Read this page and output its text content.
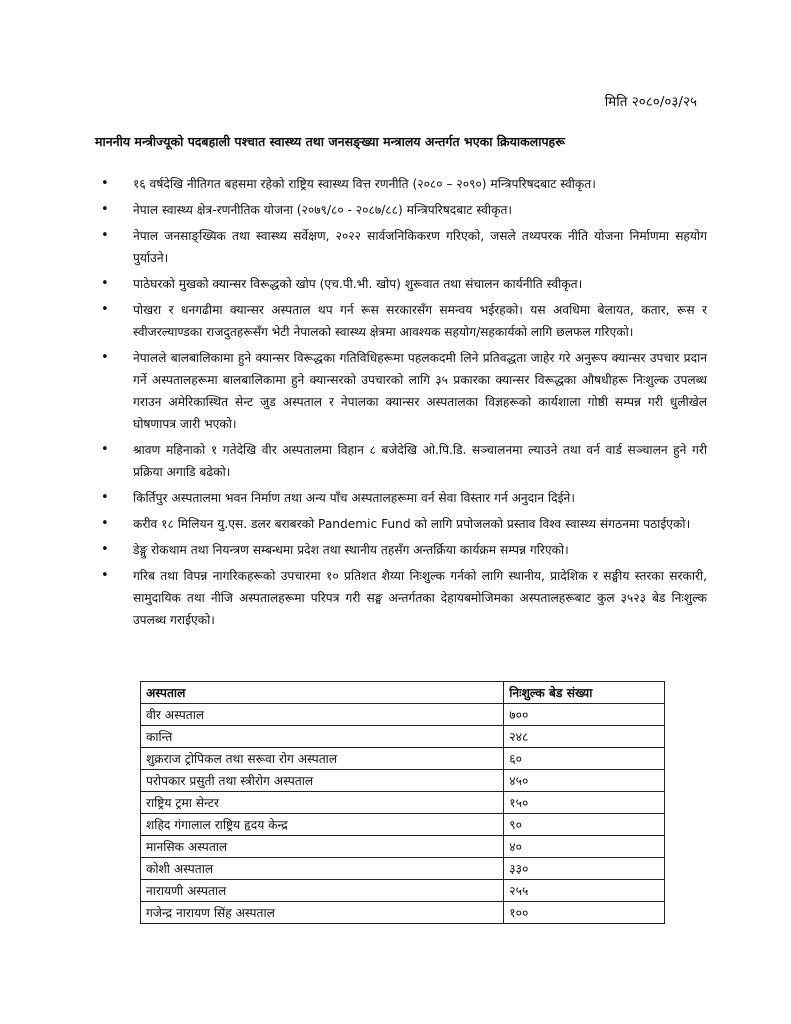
मिति २०८०/०३/२५
माननीय मन्त्रीज्यूको पदबहाली पश्चात स्वास्थ्य तथा जनसङ्ख्या मन्त्रालय अन्तर्गत भएका क्रियाकलापहरू
• १६ वर्षदेखि नीतिगत बहसमा रहेको राष्ट्रिय स्वास्थ्य वित्त रणनीति (२०८० – २०९०) मन्त्रिपरिषदबाट स्वीकृत।
• नेपाल स्वास्थ्य क्षेत्र-रणनीतिक योजना (२०७९/८० - २०८७/८८) मन्त्रिपरिषदबाट स्वीकृत।
• नेपाल जनसाङ्ख्यिक तथा स्वास्थ्य सर्वेक्षण, २०२२ सार्वजनिकिकरण गरिएको, जसले तथ्यपरक नीति योजना निर्माणमा सहयोग पुर्याउने।
• पाठेघरको मुखको क्यान्सर विरूद्धको खोप (एच.पी.भी. खोप) शुरूवात तथा संचालन कार्यनीति स्वीकृत।
• पोखरा र धनगढीमा क्यान्सर अस्पताल थप गर्न रूस सरकारसँग समन्वय भईरहको। यस अवधिमा बेलायत, कतार, रूस र स्वीजरल्याण्डका राजदुतहरूसँग भेटी नेपालको स्वास्थ्य क्षेत्रमा आवश्यक सहयोग/सहकार्यको लागि छलफल गरिएको।
• नेपालले बालबालिकामा हुने क्यान्सर विरूद्धका गतिविधिहरूमा पहलकदमी लिने प्रतिवद्धता जाहेर गरे अनुरूप क्यान्सर उपचार प्रदान गर्ने अस्पतालहरूमा बालबालिकामा हुने क्यान्सरको उपचारको लागि ३५ प्रकारका क्यान्सर विरूद्धका औषधीहरू निःशुल्क उपलब्ध गराउन अमेरिकास्थित सेन्ट जुड अस्पताल र नेपालका क्यान्सर अस्पतालका विज्ञहरूको कार्यशाला गोष्ठी सम्पन्न गरी धुलीखेल घोषणापत्र जारी भएको।
• श्रावण महिनाको १ गतेदेखि वीर अस्पतालमा विहान ८ बजेदेखि ओ.पि.डि. सञ्चालनमा ल्याउने तथा वर्न वार्ड सञ्चालन हुने गरी प्रक्रिया अगाडि बढेको।
• किर्तिपुर अस्पतालमा भवन निर्माण तथा अन्य पाँच अस्पतालहरूमा वर्न सेवा विस्तार गर्न अनुदान दिईने।
• करीव १८ मिलियन यु.एस. डलर बराबरको Pandemic Fund को लागि प्रपोजलको प्रस्ताव विश्व स्वास्थ्य संगठनमा पठाईएको।
• डेङ्गु रोकथाम तथा नियन्त्रण सम्बन्धमा प्रदेश तथा स्थानीय तहसँग अन्तर्क्रिया कार्यक्रम सम्पन्न गरिएको।
• गरिब तथा विपन्न नागरिकहरूको उपचारमा १० प्रतिशत शैय्या निःशुल्क गर्नको लागि स्थानीय, प्रादेशिक र सङ्घीय स्तरका सरकारी, सामुदायिक तथा नीजि अस्पतालहरूमा परिपत्र गरी सङ्घ अन्तर्गतका देहायबमोजिमका अस्पतालहरूबाट कुल ३५२३ बेड निःशुल्क उपलब्ध गराईएको।
अस्पताल	निःशुल्क बेड संख्या
वीर अस्पताल	७००
कान्ति	२४८
शुक्रराज ट्रोपिकल तथा सरूवा रोग अस्पताल	६०
परोपकार प्रसुती तथा स्त्रीरोग अस्पताल	४५०
राष्ट्रिय ट्रमा सेन्टर	१५०
शहिद गंगालाल राष्ट्रिय हृदय केन्द्र	९०
मानसिक अस्पताल	४०
कोशी अस्पताल	३३०
नारायणी अस्पताल	२५५
गजेन्द्र नारायण सिंह अस्पताल	१००
